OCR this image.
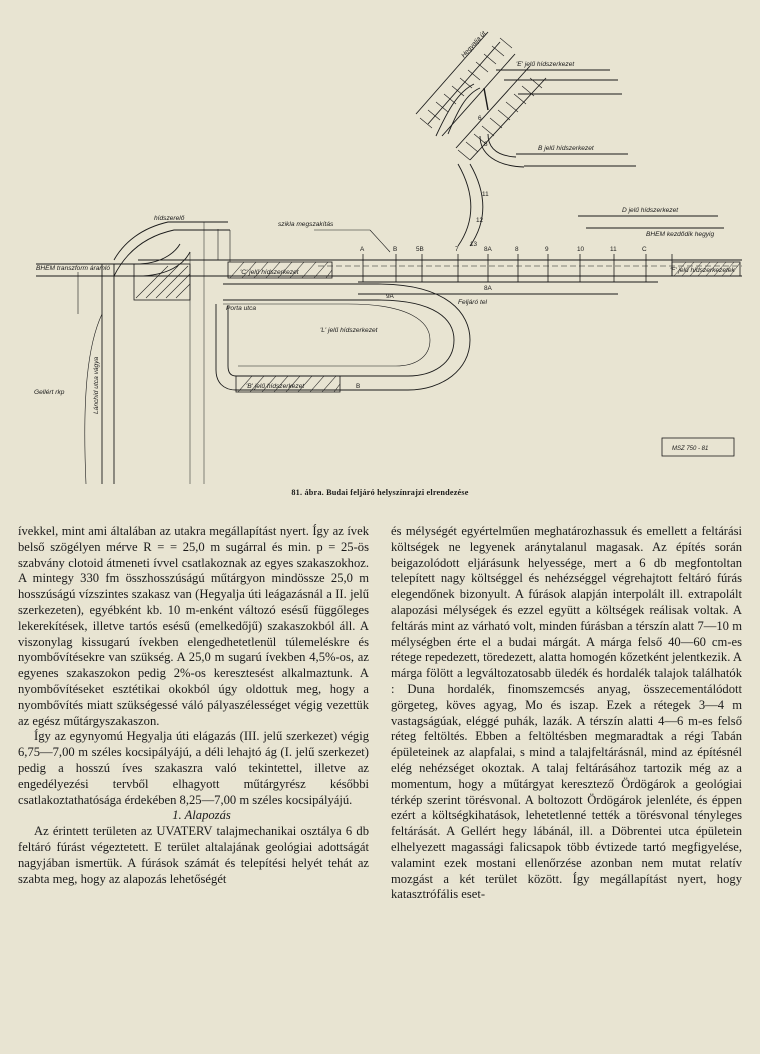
Hegyalja út
'E' jelű hídszerkezet
B jelű hídszerkezet
D jelű hídszerkezet
BHEM kezdődik hegyig
'F' jelű hídszerkezetek
szikla megszakítás
hídszerelő
BHEM transzform áramló
'C' jelű hídszerkezet
Porta utca
'L' jelű hídszerkezet
Gellért rkp
'B' jelű hídszerkezet
Feljáró tel
Lánchíd utca vágya
MSZ 750 - 81
A	B	5B	7	8A	8	9	10	11	C
6
8
11
12
13
9A
8A
B
81. ábra. Budai feljáró helyszínrajzi elrendezése

ívekkel, mint ami általában az utakra megállapítást nyert. Így az ívek belső szögélyen mérve R = = 25,0 m sugárral és min. p = 25-ös szabvány clotoid átmeneti ívvel csatlakoznak az egyes szakaszokhoz. A mintegy 330 fm összhosszúságú műtárgyon mindössze 25,0 m hosszúságú vízszintes szakasz van (Hegyalja úti leágazásnál a II. jelű szerkezeten), egyébként kb. 10 m-enként változó esésű függőleges lekerekítések, illetve tartós esésű (emelkedőjű) szakaszokból áll. A viszonylag kissugarú ívekben elengedhetetlenül túlemeléskre és nyombővítésekre van szükség. A 25,0 m sugarú ívekben 4,5%-os, az egyenes szakaszokon pedig 2%-os keresztesést alkalmaztunk. A nyombővítéseket esztétikai okokból úgy oldottuk meg, hogy a nyombővítés miatt szükségessé váló pályaszélességet végig vezettük az egész műtárgyszakaszon.

Így az egynyomú Hegyalja úti elágazás (III. jelű szerkezet) végig 6,75—7,00 m széles kocsipályájú, a déli lehajtó ág (I. jelű szerkezet) pedig a hosszú íves szakaszra való tekintettel, illetve az engedélyezési tervből elhagyott műtárgyrész későbbi csatlakoztathatósága érdekében 8,25—7,00 m széles kocsipályájú.

1. Alapozás

Az érintett területen az UVATERV talajmechanikai osztálya 6 db feltáró fúrást végeztetett. E terület altalajának geológiai adottságát nagyjában ismertük. A fúrások számát és telepítési helyét tehát az szabta meg, hogy az alapozás lehetőségét

és mélységét egyértelműen meghatározhassuk és emellett a feltárási költségek ne legyenek aránytalanul magasak. Az építés során beigazolódott eljárásunk helyessége, mert a 6 db megfontoltan telepített nagy költséggel és nehézséggel végrehajtott feltáró fúrás elegendőnek bizonyult. A fúrások alapján interpolált ill. extrapolált alapozási mélységek és ezzel együtt a költségek reálisak voltak. A feltárás mint az várható volt, minden fúrásban a térszín alatt 7—10 m mélységben érte el a budai márgát. A márga felső 40—60 cm-es rétege repedezett, töredezett, alatta homogén kőzetként jelentkezik. A márga fölött a legváltozatosabb üledék és hordalék talajok találhatók : Duna hordalék, finomszemcsés anyag, összecementálódott görgeteg, köves agyag, Mo és iszap. Ezek a rétegek 3—4 m vastagságúak, eléggé puhák, lazák. A térszín alatti 4—6 m-es felső réteg feltöltés. Ebben a feltöltésben megmaradtak a régi Tabán épületeinek az alapfalai, s mind a talajfeltárásnál, mind az építésnél elég nehézséget okoztak. A talaj feltárásához tartozik még az a momentum, hogy a műtárgyat keresztező Ördögárok a geológiai térkép szerint törésvonal. A boltozott Ördögárok jelenléte, és éppen ezért a költségkihatások, lehetetlenné tették a törésvonal tényleges feltárását. A Gellért hegy lábánál, ill. a Döbrentei utca épületein elhelyezett magassági falicsapok több évtizede tartó megfigyelése, valamint ezek mostani ellenőrzése azonban nem mutat relatív mozgást a két terület között. Így megállapítást nyert, hogy katasztrófális eset-
